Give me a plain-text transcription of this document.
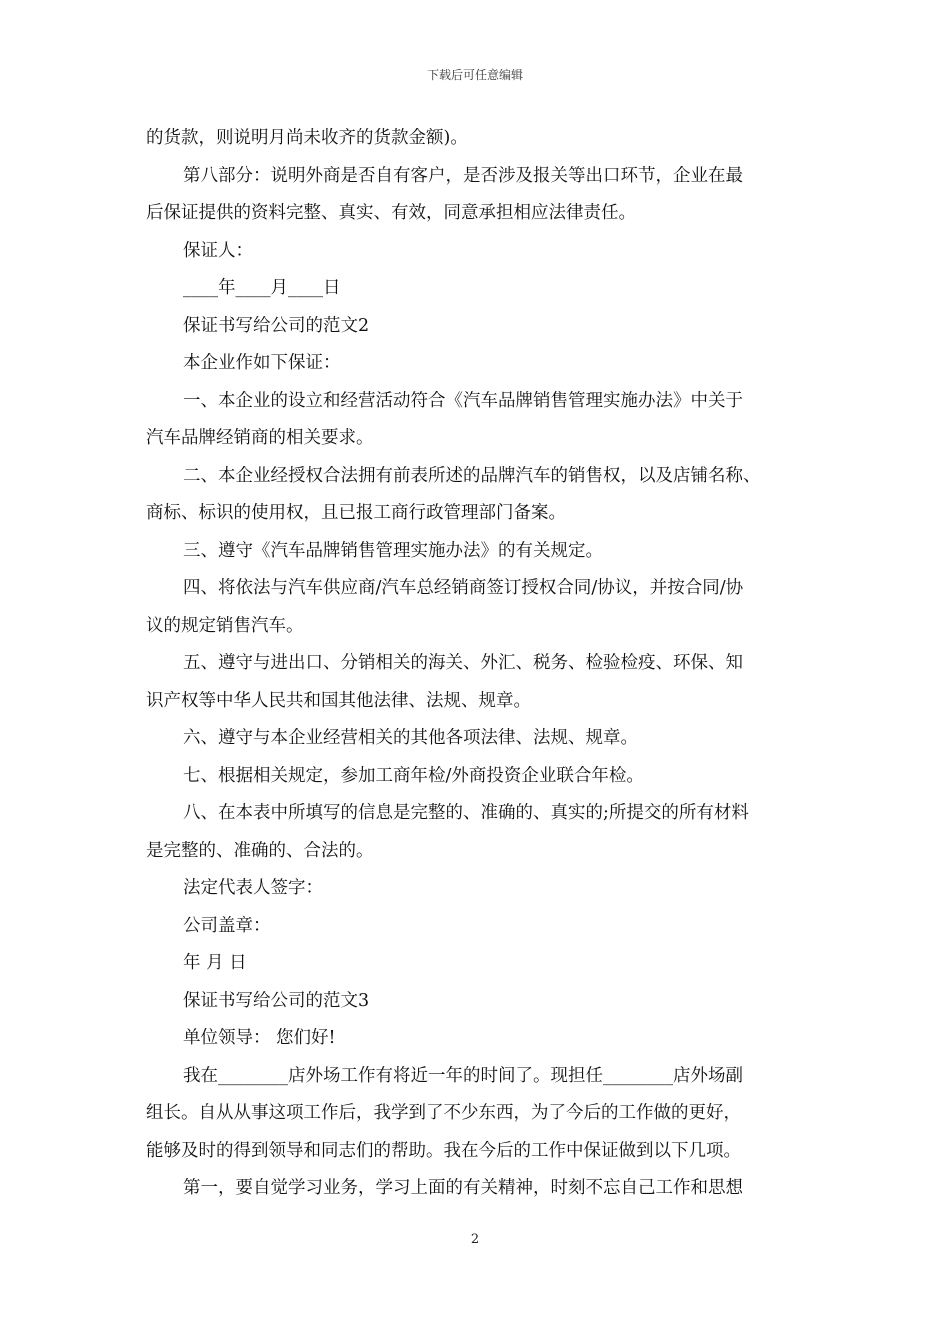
下载后可任意编辑

的货款，则说明月尚未收齐的货款金额)。

第八部分：说明外商是否自有客户，是否涉及报关等出口环节，企业在最

后保证提供的资料完整、真实、有效，同意承担相应法律责任。

保证人：

____年____月____日

保证书写给公司的范文2

本企业作如下保证：

一、本企业的设立和经营活动符合《汽车品牌销售管理实施办法》中关于

汽车品牌经销商的相关要求。

二、本企业经授权合法拥有前表所述的品牌汽车的销售权，以及店铺名称、

商标、标识的使用权，且已报工商行政管理部门备案。

三、遵守《汽车品牌销售管理实施办法》的有关规定。

四、将依法与汽车供应商/汽车总经销商签订授权合同/协议，并按合同/协

议的规定销售汽车。

五、遵守与进出口、分销相关的海关、外汇、税务、检验检疫、环保、知

识产权等中华人民共和国其他法律、法规、规章。

六、遵守与本企业经营相关的其他各项法律、法规、规章。

七、根据相关规定，参加工商年检/外商投资企业联合年检。

八、在本表中所填写的信息是完整的、准确的、真实的;所提交的所有材料

是完整的、准确的、合法的。

法定代表人签字：

公司盖章：

年 月 日

保证书写给公司的范文3

单位领导： 您们好!

我在________店外场工作有将近一年的时间了。现担任________店外场副

组长。自从从事这项工作后，我学到了不少东西，为了今后的工作做的更好，

能够及时的得到领导和同志们的帮助。我在今后的工作中保证做到以下几项。

第一，要自觉学习业务，学习上面的有关精神，时刻不忘自己工作和思想

2
